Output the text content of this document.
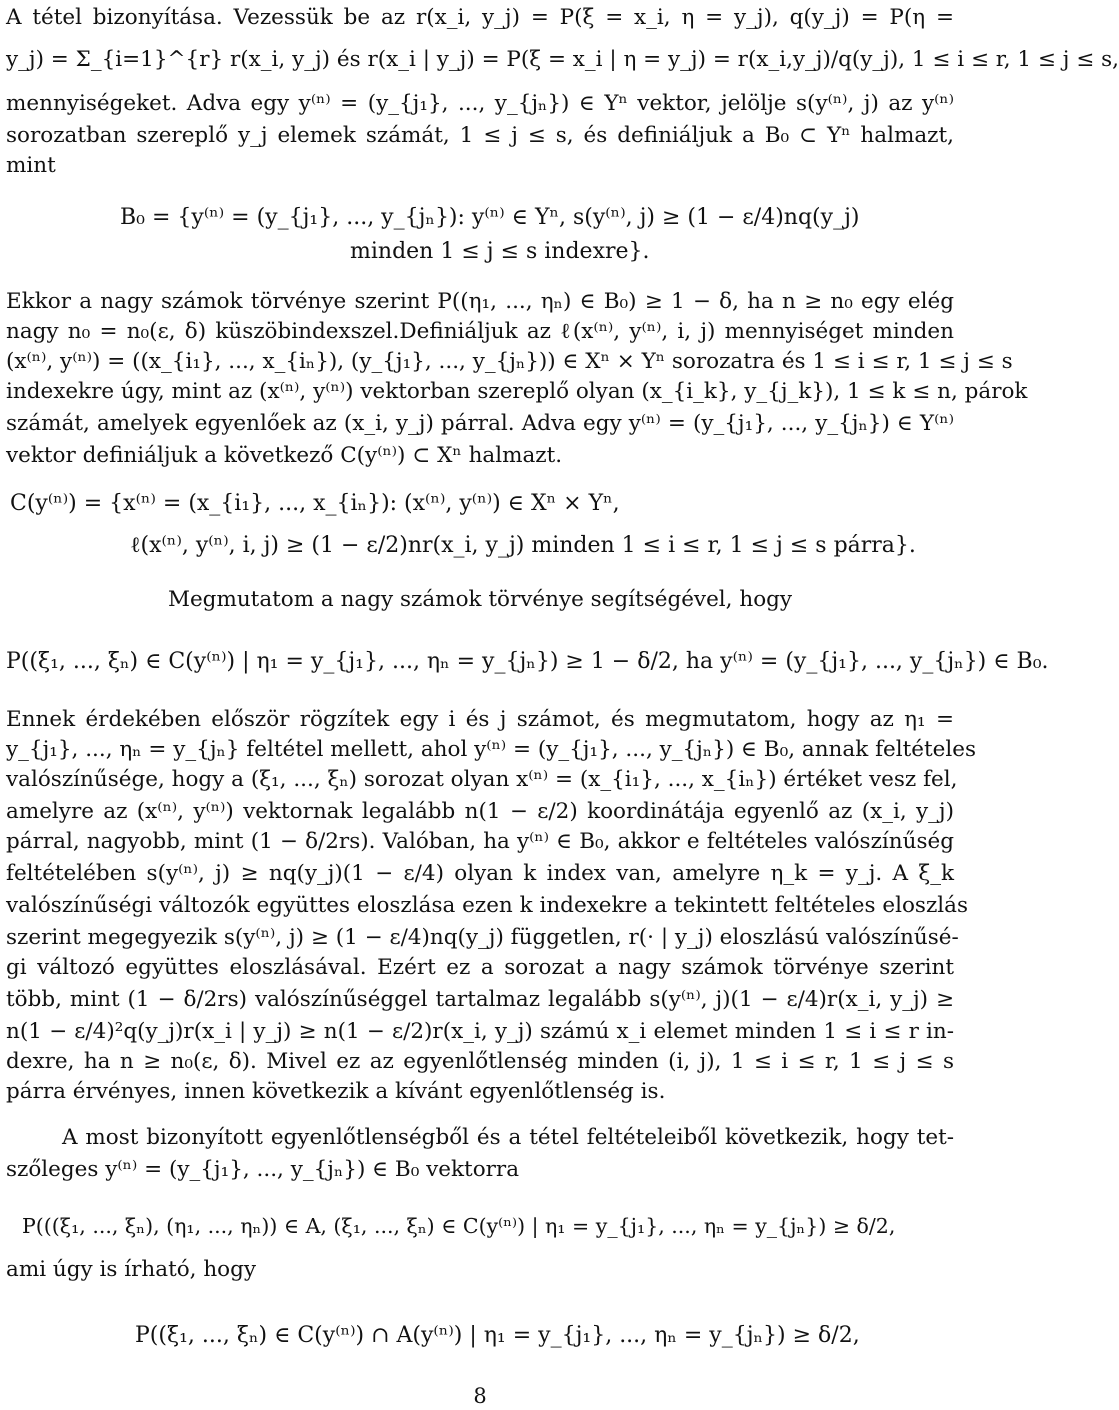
A tétel bizonyítása. Vezessük be az r(x_i, y_j) = P(ξ = x_i, η = y_j), q(y_j) = P(η =
y_j) = Σ_{i=1}^{r} r(x_i, y_j) és r(x_i | y_j) = P(ξ = x_i | η = y_j) = r(x_i,y_j)/q(y_j), 1 ≤ i ≤ r, 1 ≤ j ≤ s,
mennyiségeket. Adva egy y⁽ⁿ⁾ = (y_{j₁}, ..., y_{jₙ}) ∈ Yⁿ vektor, jelölje s(y⁽ⁿ⁾, j) az y⁽ⁿ⁾
sorozatban szereplő y_j elemek számát, 1 ≤ j ≤ s, és definiáljuk a B₀ ⊂ Yⁿ halmazt,
mint
B₀ = {y⁽ⁿ⁾ = (y_{j₁}, ..., y_{jₙ}): y⁽ⁿ⁾ ∈ Yⁿ, s(y⁽ⁿ⁾, j) ≥ (1 − ε/4)nq(y_j)
minden 1 ≤ j ≤ s indexre}.
Ekkor a nagy számok törvénye szerint P((η₁, ..., ηₙ) ∈ B₀) ≥ 1 − δ, ha n ≥ n₀ egy elég
nagy n₀ = n₀(ε, δ) küszöbindexszel.Definiáljuk az ℓ(x⁽ⁿ⁾, y⁽ⁿ⁾, i, j) mennyiséget minden
(x⁽ⁿ⁾, y⁽ⁿ⁾) = ((x_{i₁}, ..., x_{iₙ}), (y_{j₁}, ..., y_{jₙ})) ∈ Xⁿ × Yⁿ sorozatra és 1 ≤ i ≤ r, 1 ≤ j ≤ s
indexekre úgy, mint az (x⁽ⁿ⁾, y⁽ⁿ⁾) vektorban szereplő olyan (x_{i_k}, y_{j_k}), 1 ≤ k ≤ n, párok
számát, amelyek egyenlőek az (x_i, y_j) párral. Adva egy y⁽ⁿ⁾ = (y_{j₁}, ..., y_{jₙ}) ∈ Y⁽ⁿ⁾
vektor definiáljuk a következő C(y⁽ⁿ⁾) ⊂ Xⁿ halmazt.
C(y⁽ⁿ⁾) = {x⁽ⁿ⁾ = (x_{i₁}, ..., x_{iₙ}): (x⁽ⁿ⁾, y⁽ⁿ⁾) ∈ Xⁿ × Yⁿ,
ℓ(x⁽ⁿ⁾, y⁽ⁿ⁾, i, j) ≥ (1 − ε/2)nr(x_i, y_j) minden 1 ≤ i ≤ r, 1 ≤ j ≤ s párra}.
Megmutatom a nagy számok törvénye segítségével, hogy
P((ξ₁, ..., ξₙ) ∈ C(y⁽ⁿ⁾) | η₁ = y_{j₁}, ..., ηₙ = y_{jₙ}) ≥ 1 − δ/2, ha y⁽ⁿ⁾ = (y_{j₁}, ..., y_{jₙ}) ∈ B₀.
Ennek érdekében először rögzítek egy i és j számot, és megmutatom, hogy az η₁ =
y_{j₁}, ..., ηₙ = y_{jₙ} feltétel mellett, ahol y⁽ⁿ⁾ = (y_{j₁}, ..., y_{jₙ}) ∈ B₀, annak feltételes
valószínűsége, hogy a (ξ₁, ..., ξₙ) sorozat olyan x⁽ⁿ⁾ = (x_{i₁}, ..., x_{iₙ}) értéket vesz fel,
amelyre az (x⁽ⁿ⁾, y⁽ⁿ⁾) vektornak legalább n(1 − ε/2) koordinátája egyenlő az (x_i, y_j)
párral, nagyobb, mint (1 − δ/2rs). Valóban, ha y⁽ⁿ⁾ ∈ B₀, akkor e feltételes valószínűség
feltételében s(y⁽ⁿ⁾, j) ≥ nq(y_j)(1 − ε/4) olyan k index van, amelyre η_k = y_j. A ξ_k
valószínűségi változók együttes eloszlása ezen k indexekre a tekintett feltételes eloszlás
szerint megegyezik s(y⁽ⁿ⁾, j) ≥ (1 − ε/4)nq(y_j) független, r(· | y_j) eloszlású valószínűsé-
gi változó együttes eloszlásával. Ezért ez a sorozat a nagy számok törvénye szerint
több, mint (1 − δ/2rs) valószínűséggel tartalmaz legalább s(y⁽ⁿ⁾, j)(1 − ε/4)r(x_i, y_j) ≥
n(1 − ε/4)²q(y_j)r(x_i | y_j) ≥ n(1 − ε/2)r(x_i, y_j) számú x_i elemet minden 1 ≤ i ≤ r in-
dexre, ha n ≥ n₀(ε, δ). Mivel ez az egyenlőtlenség minden (i, j), 1 ≤ i ≤ r, 1 ≤ j ≤ s
párra érvényes, innen következik a kívánt egyenlőtlenség is.
A most bizonyított egyenlőtlenségből és a tétel feltételeiből következik, hogy tet-
szőleges y⁽ⁿ⁾ = (y_{j₁}, ..., y_{jₙ}) ∈ B₀ vektorra
P(((ξ₁, ..., ξₙ), (η₁, ..., ηₙ)) ∈ A, (ξ₁, ..., ξₙ) ∈ C(y⁽ⁿ⁾) | η₁ = y_{j₁}, ..., ηₙ = y_{jₙ}) ≥ δ/2,
ami úgy is írható, hogy
P((ξ₁, ..., ξₙ) ∈ C(y⁽ⁿ⁾) ∩ A(y⁽ⁿ⁾) | η₁ = y_{j₁}, ..., ηₙ = y_{jₙ}) ≥ δ/2,
8
